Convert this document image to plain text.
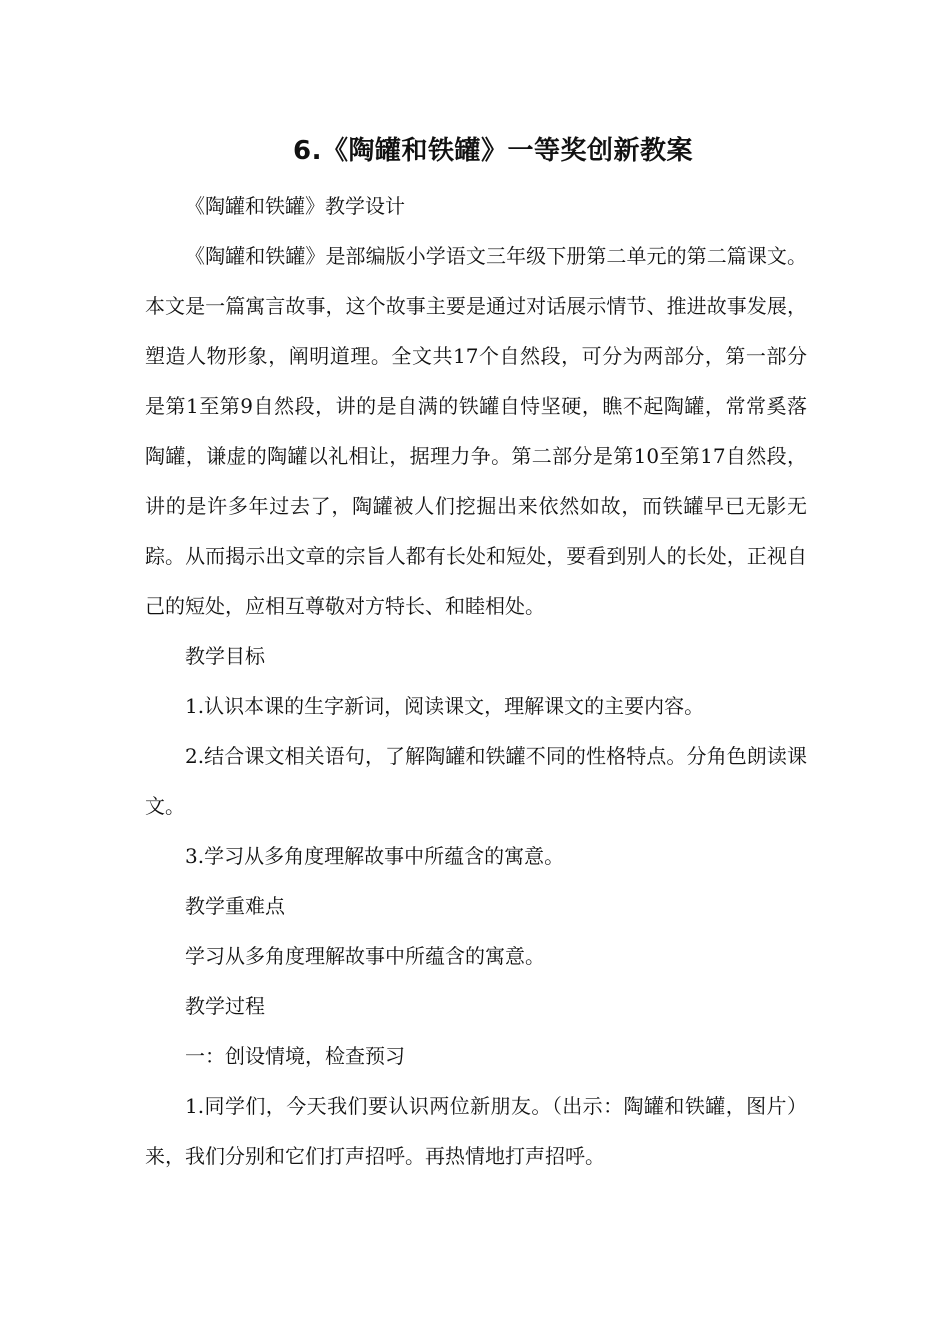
6.《陶罐和铁罐》一等奖创新教案

《陶罐和铁罐》教学设计

《陶罐和铁罐》是部编版小学语文三年级下册第二单元的第二篇课文。本文是一篇寓言故事，这个故事主要是通过对话展示情节、推进故事发展，塑造人物形象，阐明道理。全文共17个自然段，可分为两部分，第一部分是第1至第9自然段，讲的是自满的铁罐自恃坚硬，瞧不起陶罐，常常奚落陶罐，谦虚的陶罐以礼相让，据理力争。第二部分是第10至第17自然段，讲的是许多年过去了，陶罐被人们挖掘出来依然如故，而铁罐早已无影无踪。从而揭示出文章的宗旨人都有长处和短处，要看到别人的长处，正视自己的短处，应相互尊敬对方特长、和睦相处。

教学目标

1.认识本课的生字新词，阅读课文，理解课文的主要内容。

2.结合课文相关语句，了解陶罐和铁罐不同的性格特点。分角色朗读课文。

3.学习从多角度理解故事中所蕴含的寓意。

教学重难点

学习从多角度理解故事中所蕴含的寓意。

教学过程

一：创设情境，检查预习

1.同学们，今天我们要认识两位新朋友。（出示：陶罐和铁罐，图片）来，我们分别和它们打声招呼。再热情地打声招呼。
